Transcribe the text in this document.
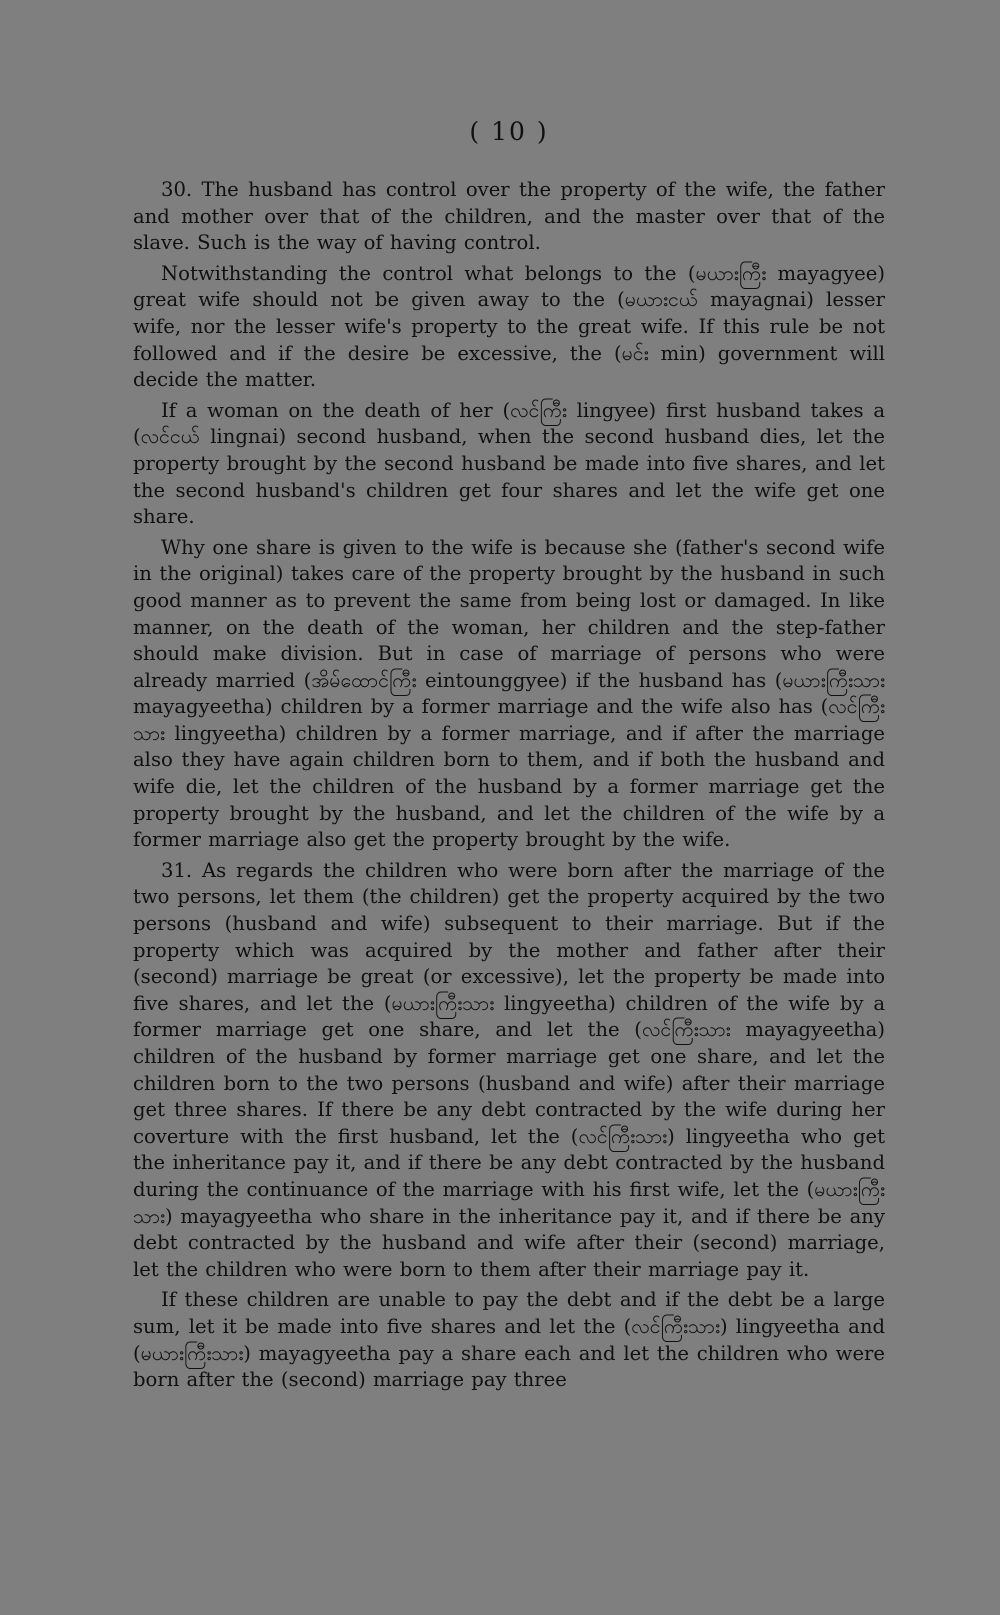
( 10 )

30. The husband has control over the property of the wife, the father and mother over that of the children, and the master over that of the slave. Such is the way of having control.

Notwithstanding the control what belongs to the (မယားကြီး mayagyee) great wife should not be given away to the (မယားငယ် mayagnai) lesser wife, nor the lesser wife's property to the great wife. If this rule be not followed and if the desire be excessive, the (မင်း min) government will decide the matter.

If a woman on the death of her (လင်ကြီး lingyee) first husband takes a (လင်ငယ် lingnai) second husband, when the second husband dies, let the property brought by the second husband be made into five shares, and let the second husband's children get four shares and let the wife get one share.

Why one share is given to the wife is because she (father's second wife in the original) takes care of the property brought by the husband in such good manner as to prevent the same from being lost or damaged. In like manner, on the death of the woman, her children and the step-father should make division. But in case of marriage of persons who were already married (အိမ်ထောင်ကြီး eintounggyee) if the husband has (မယားကြီးသား mayagyeetha) children by a former marriage and the wife also has (လင်ကြီးသား lingyeetha) children by a former marriage, and if after the marriage also they have again children born to them, and if both the husband and wife die, let the children of the husband by a former marriage get the property brought by the husband, and let the children of the wife by a former marriage also get the property brought by the wife.

31. As regards the children who were born after the marriage of the two persons, let them (the children) get the property acquired by the two persons (husband and wife) subsequent to their marriage. But if the property which was acquired by the mother and father after their (second) marriage be great (or excessive), let the property be made into five shares, and let the (မယားကြီးသား lingyeetha) children of the wife by a former marriage get one share, and let the (လင်ကြီးသား mayagyeetha) children of the husband by former marriage get one share, and let the children born to the two persons (husband and wife) after their marriage get three shares. If there be any debt contracted by the wife during her coverture with the first husband, let the (လင်ကြီးသား) lingyeetha who get the inheritance pay it, and if there be any debt contracted by the husband during the continuance of the marriage with his first wife, let the (မယားကြီးသား) mayagyeetha who share in the inheritance pay it, and if there be any debt contracted by the husband and wife after their (second) marriage, let the children who were born to them after their marriage pay it.

If these children are unable to pay the debt and if the debt be a large sum, let it be made into five shares and let the (လင်ကြီးသား) lingyeetha and (မယားကြီးသား) mayagyeetha pay a share each and let the children who were born after the (second) marriage pay three
